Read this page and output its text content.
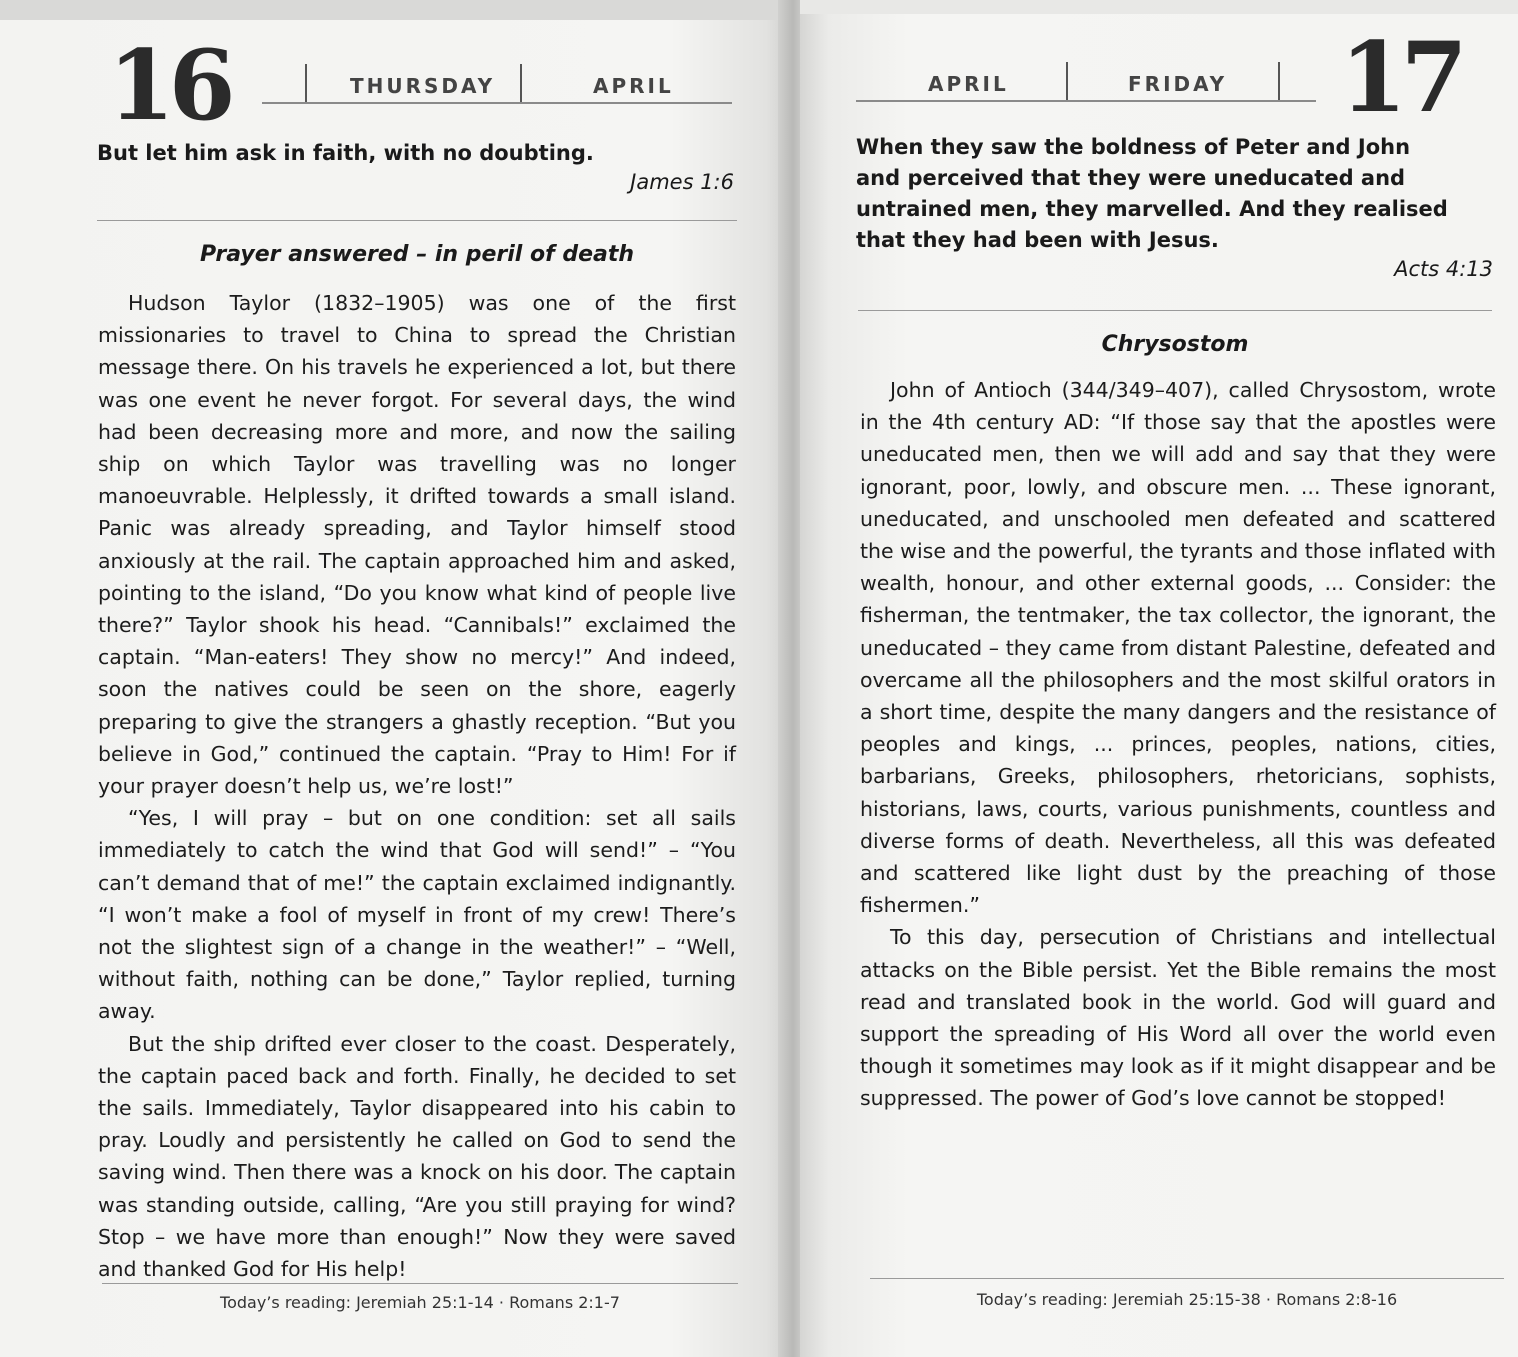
16	THURSDAY	APRIL
But let him ask in faith, with no doubting.
James 1:6
Prayer answered – in peril of death

Hudson Taylor (1832–1905) was one of the first missionaries to travel to China to spread the Christian message there. On his travels he experienced a lot, but there was one event he never forgot. For several days, the wind had been decreasing more and more, and now the sailing ship on which Taylor was travelling was no longer manoeuvrable. Helplessly, it drifted towards a small island. Panic was already spreading, and Taylor himself stood anxiously at the rail. The captain approached him and asked, pointing to the island, “Do you know what kind of people live there?” Taylor shook his head. “Cannibals!” exclaimed the captain. “Man-eaters! They show no mercy!” And indeed, soon the natives could be seen on the shore, eagerly preparing to give the strangers a ghastly reception. “But you believe in God,” continued the captain. “Pray to Him! For if your prayer doesn’t help us, we’re lost!”

“Yes, I will pray – but on one condition: set all sails immediately to catch the wind that God will send!” – “You can’t demand that of me!” the captain exclaimed indignantly. “I won’t make a fool of myself in front of my crew! There’s not the slightest sign of a change in the weather!” – “Well, without faith, nothing can be done,” Taylor replied, turning away.

But the ship drifted ever closer to the coast. Desperately, the captain paced back and forth. Finally, he decided to set the sails. Immediately, Taylor disappeared into his cabin to pray. Loudly and persistently he called on God to send the saving wind. Then there was a knock on his door. The captain was standing outside, calling, “Are you still praying for wind? Stop – we have more than enough!” Now they were saved and thanked God for His help!

Today’s reading: Jeremiah 25:1-14 · Romans 2:1-7
APRIL	FRIDAY 17
When they saw the boldness of Peter and John and perceived that they were uneducated and untrained men, they marvelled. And they realised that they had been with Jesus.
Acts 4:13
Chrysostom

John of Antioch (344/349–407), called Chrysostom, wrote in the 4th century AD: “If those say that the apostles were uneducated men, then we will add and say that they were ignorant, poor, lowly, and obscure men. ... These ignorant, uneducated, and unschooled men defeated and scattered the wise and the powerful, the tyrants and those inflated with wealth, honour, and other external goods, ... Consider: the fisherman, the tentmaker, the tax collector, the ignorant, the uneducated – they came from distant Palestine, defeated and overcame all the philosophers and the most skilful orators in a short time, despite the many dangers and the resistance of peoples and kings, ... princes, peoples, nations, cities, barbarians, Greeks, philosophers, rhetoricians, sophists, historians, laws, courts, various punishments, countless and diverse forms of death. Nevertheless, all this was defeated and scattered like light dust by the preaching of those fishermen.”

To this day, persecution of Christians and intellectual attacks on the Bible persist. Yet the Bible remains the most read and translated book in the world. God will guard and support the spreading of His Word all over the world even though it sometimes may look as if it might disappear and be suppressed. The power of God’s love cannot be stopped!

Today’s reading: Jeremiah 25:15-38 · Romans 2:8-16
